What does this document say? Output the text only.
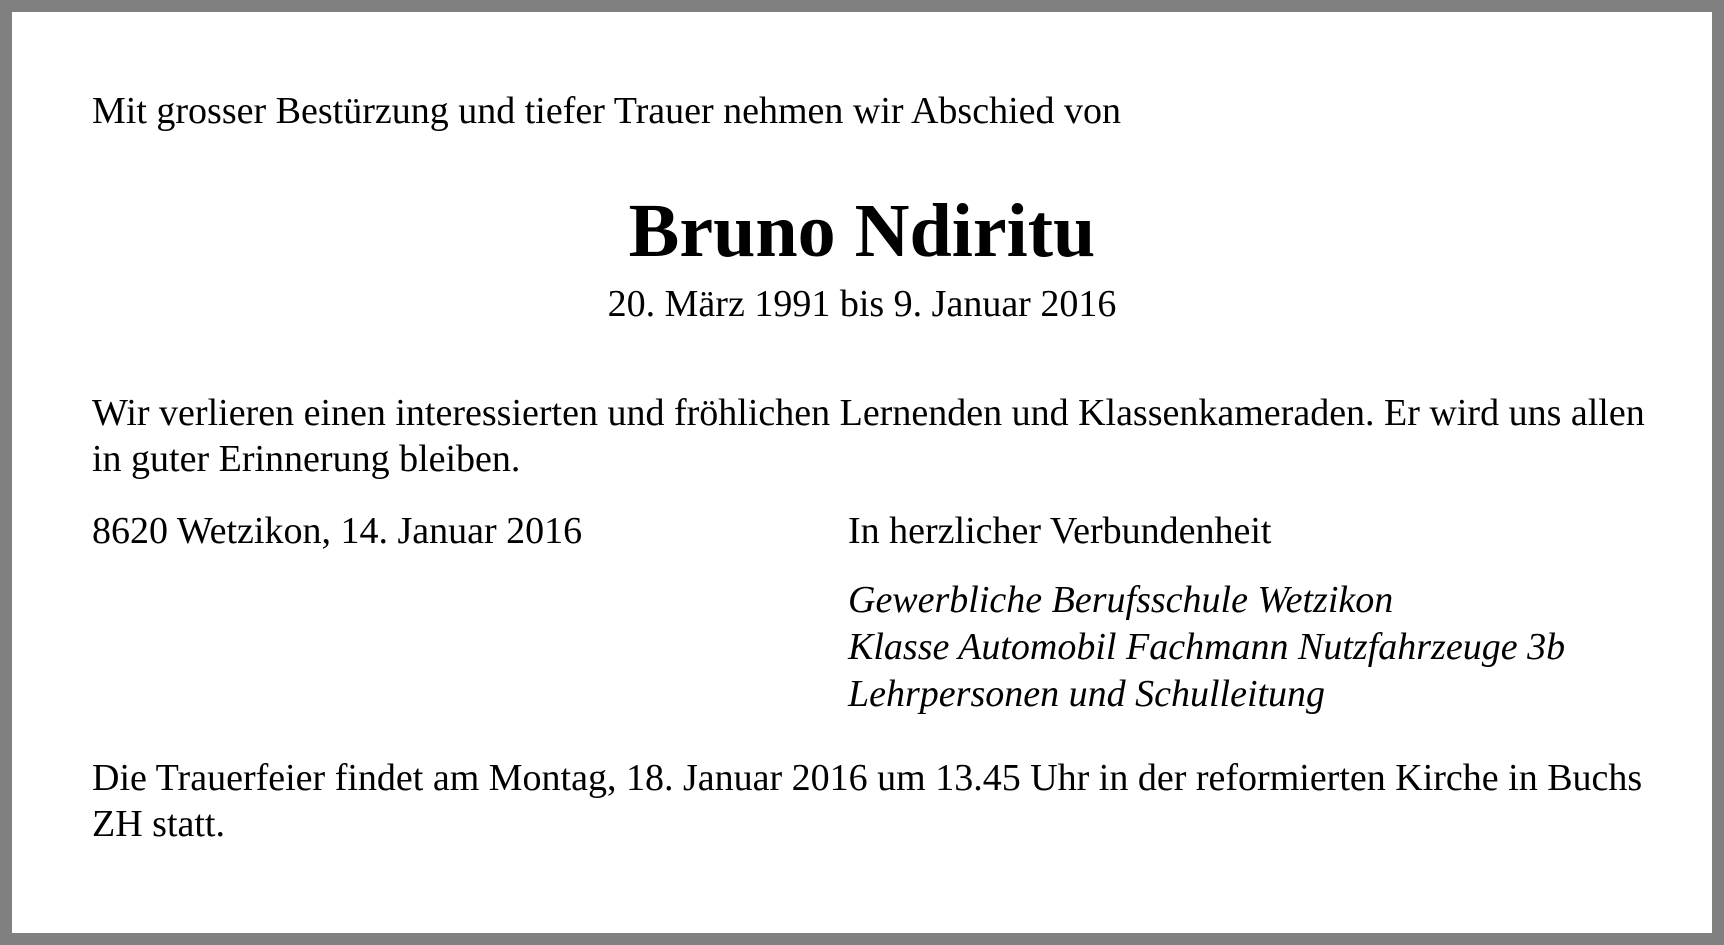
Mit grosser Bestürzung und tiefer Trauer nehmen wir Abschied von
Bruno Ndiritu
20. März 1991 bis 9. Januar 2016
Wir verlieren einen interessierten und fröhlichen Lernenden und Klassenkameraden. Er wird uns allen in guter Erinnerung bleiben.
8620 Wetzikon, 14. Januar 2016	In herzlicher Verbundenheit
Gewerbliche Berufsschule Wetzikon
Klasse Automobil Fachmann Nutzfahrzeuge 3b
Lehrpersonen und Schulleitung
Die Trauerfeier findet am Montag, 18. Januar 2016 um 13.45 Uhr in der reformierten Kirche in Buchs ZH statt.
